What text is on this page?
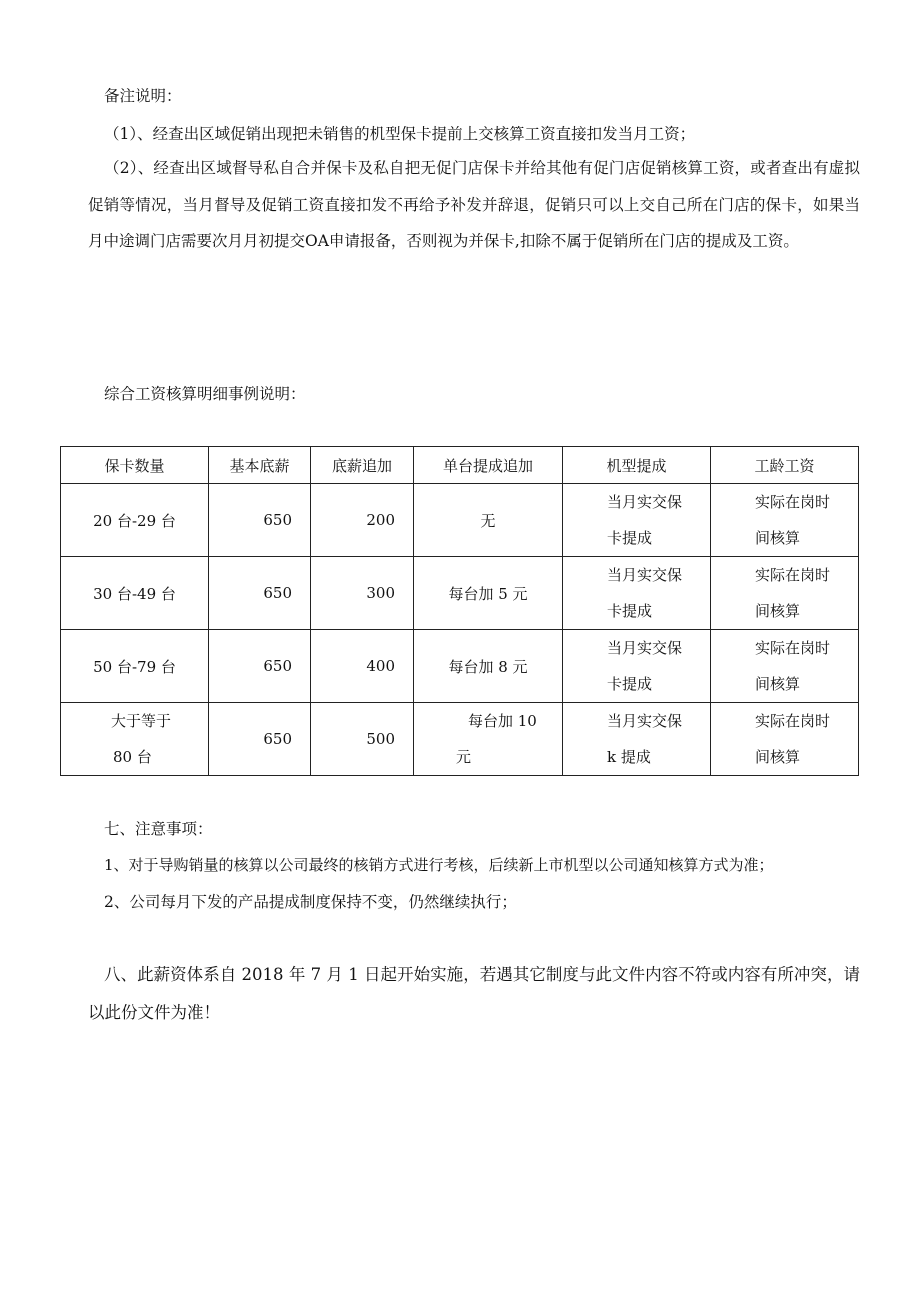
备注说明：
（1）、经查出区域促销出现把未销售的机型保卡提前上交核算工资直接扣发当月工资；
（2）、经查出区域督导私自合并保卡及私自把无促门店保卡并给其他有促门店促销核算工资，或者查出有虚拟促销等情况，当月督导及促销工资直接扣发不再给予补发并辞退，促销只可以上交自己所在门店的保卡，如果当月中途调门店需要次月月初提交OA申请报备，否则视为并保卡,扣除不属于促销所在门店的提成及工资。
综合工资核算明细事例说明：
保卡数量	基本底薪	底薪追加	单台提成追加	机型提成	工龄工资

20 台-29 台	650	200	无	当月实交保
卡提成	实际在岗时
间核算

30 台-49 台	650	300	每台加 5 元	当月实交保
卡提成	实际在岗时
间核算

50 台-79 台	650	400	每台加 8 元	当月实交保
卡提成	实际在岗时
间核算

大于等于
80 台	650	500	每台加 10
元	当月实交保
k 提成	实际在岗时
间核算
七、注意事项：
1、对于导购销量的核算以公司最终的核销方式进行考核，后续新上市机型以公司通知核算方式为准；
2、公司每月下发的产品提成制度保持不变，仍然继续执行；
八、此薪资体系自 2018 年 7 月 1 日起开始实施，若遇其它制度与此文件内容不符或内容有所冲突，请以此份文件为准！
